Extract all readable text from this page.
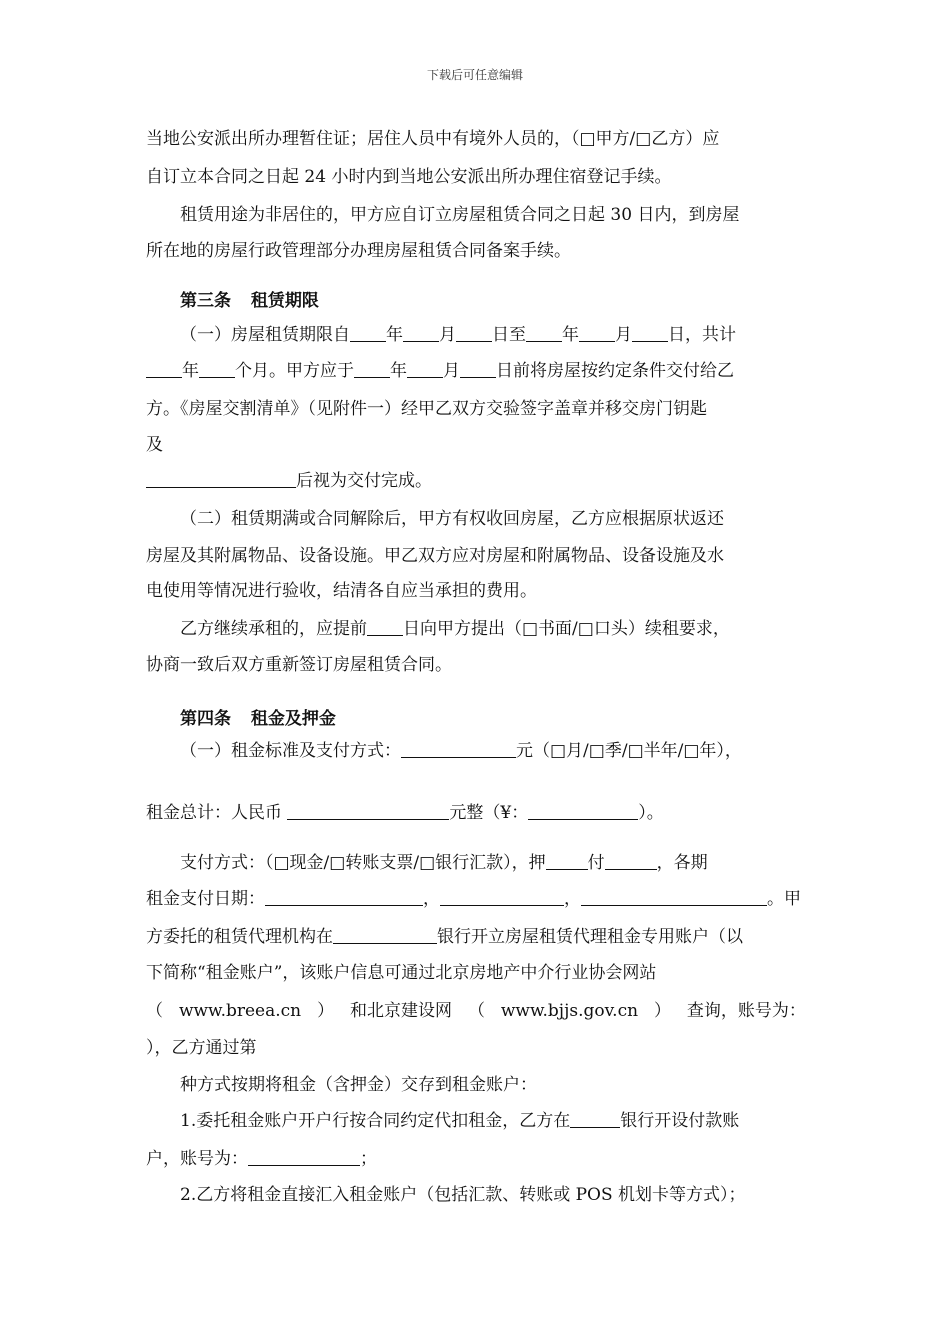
下载后可任意编辑
当地公安派出所办理暂住证；居住人员中有境外人员的，（□甲方/□乙方）应
自订立本合同之日起 24 小时内到当地公安派出所办理住宿登记手续。
租赁用途为非居住的，甲方应自订立房屋租赁合同之日起 30 日内，到房屋
所在地的房屋行政管理部分办理房屋租赁合同备案手续。
第三条 租赁期限
（一）房屋租赁期限自 年 月 日至 年 月 日，共计
年 个月。甲方应于 年 月 日前将房屋按约定条件交付给乙
方。《房屋交割清单》（见附件一）经甲乙双方交验签字盖章并移交房门钥匙
及
后视为交付完成。
（二）租赁期满或合同解除后，甲方有权收回房屋，乙方应根据原状返还
房屋及其附属物品、设备设施。甲乙双方应对房屋和附属物品、设备设施及水
电使用等情况进行验收，结清各自应当承担的费用。
乙方继续承租的，应提前 日向甲方提出（□书面/□口头）续租要求，
协商一致后双方重新签订房屋租赁合同。
第四条 租金及押金
（一）租金标准及支付方式：	元（□月/□季/□半年/□年），
租金总计：人民币	元整（¥：	）。
支付方式：（□现金/□转账支票/□银行汇款），押 付	，各期
租金支付日期：	，	，	。甲
方委托的租赁代理机构在	银行开立房屋租赁代理租金专用账户（以
下简称“租金账户”，该账户信息可通过北京房地产中介行业协会网站
（ www.breea.cn ） 和北京建设网 （ www.bjjs.gov.cn ） 查询，账号为：
），乙方通过第
种方式按期将租金（含押金）交存到租金账户：
1.委托租金账户开户行按合同约定代扣租金，乙方在	银行开设付款账
户，账号为：	；
2.乙方将租金直接汇入租金账户（包括汇款、转账或 POS 机划卡等方式）；
